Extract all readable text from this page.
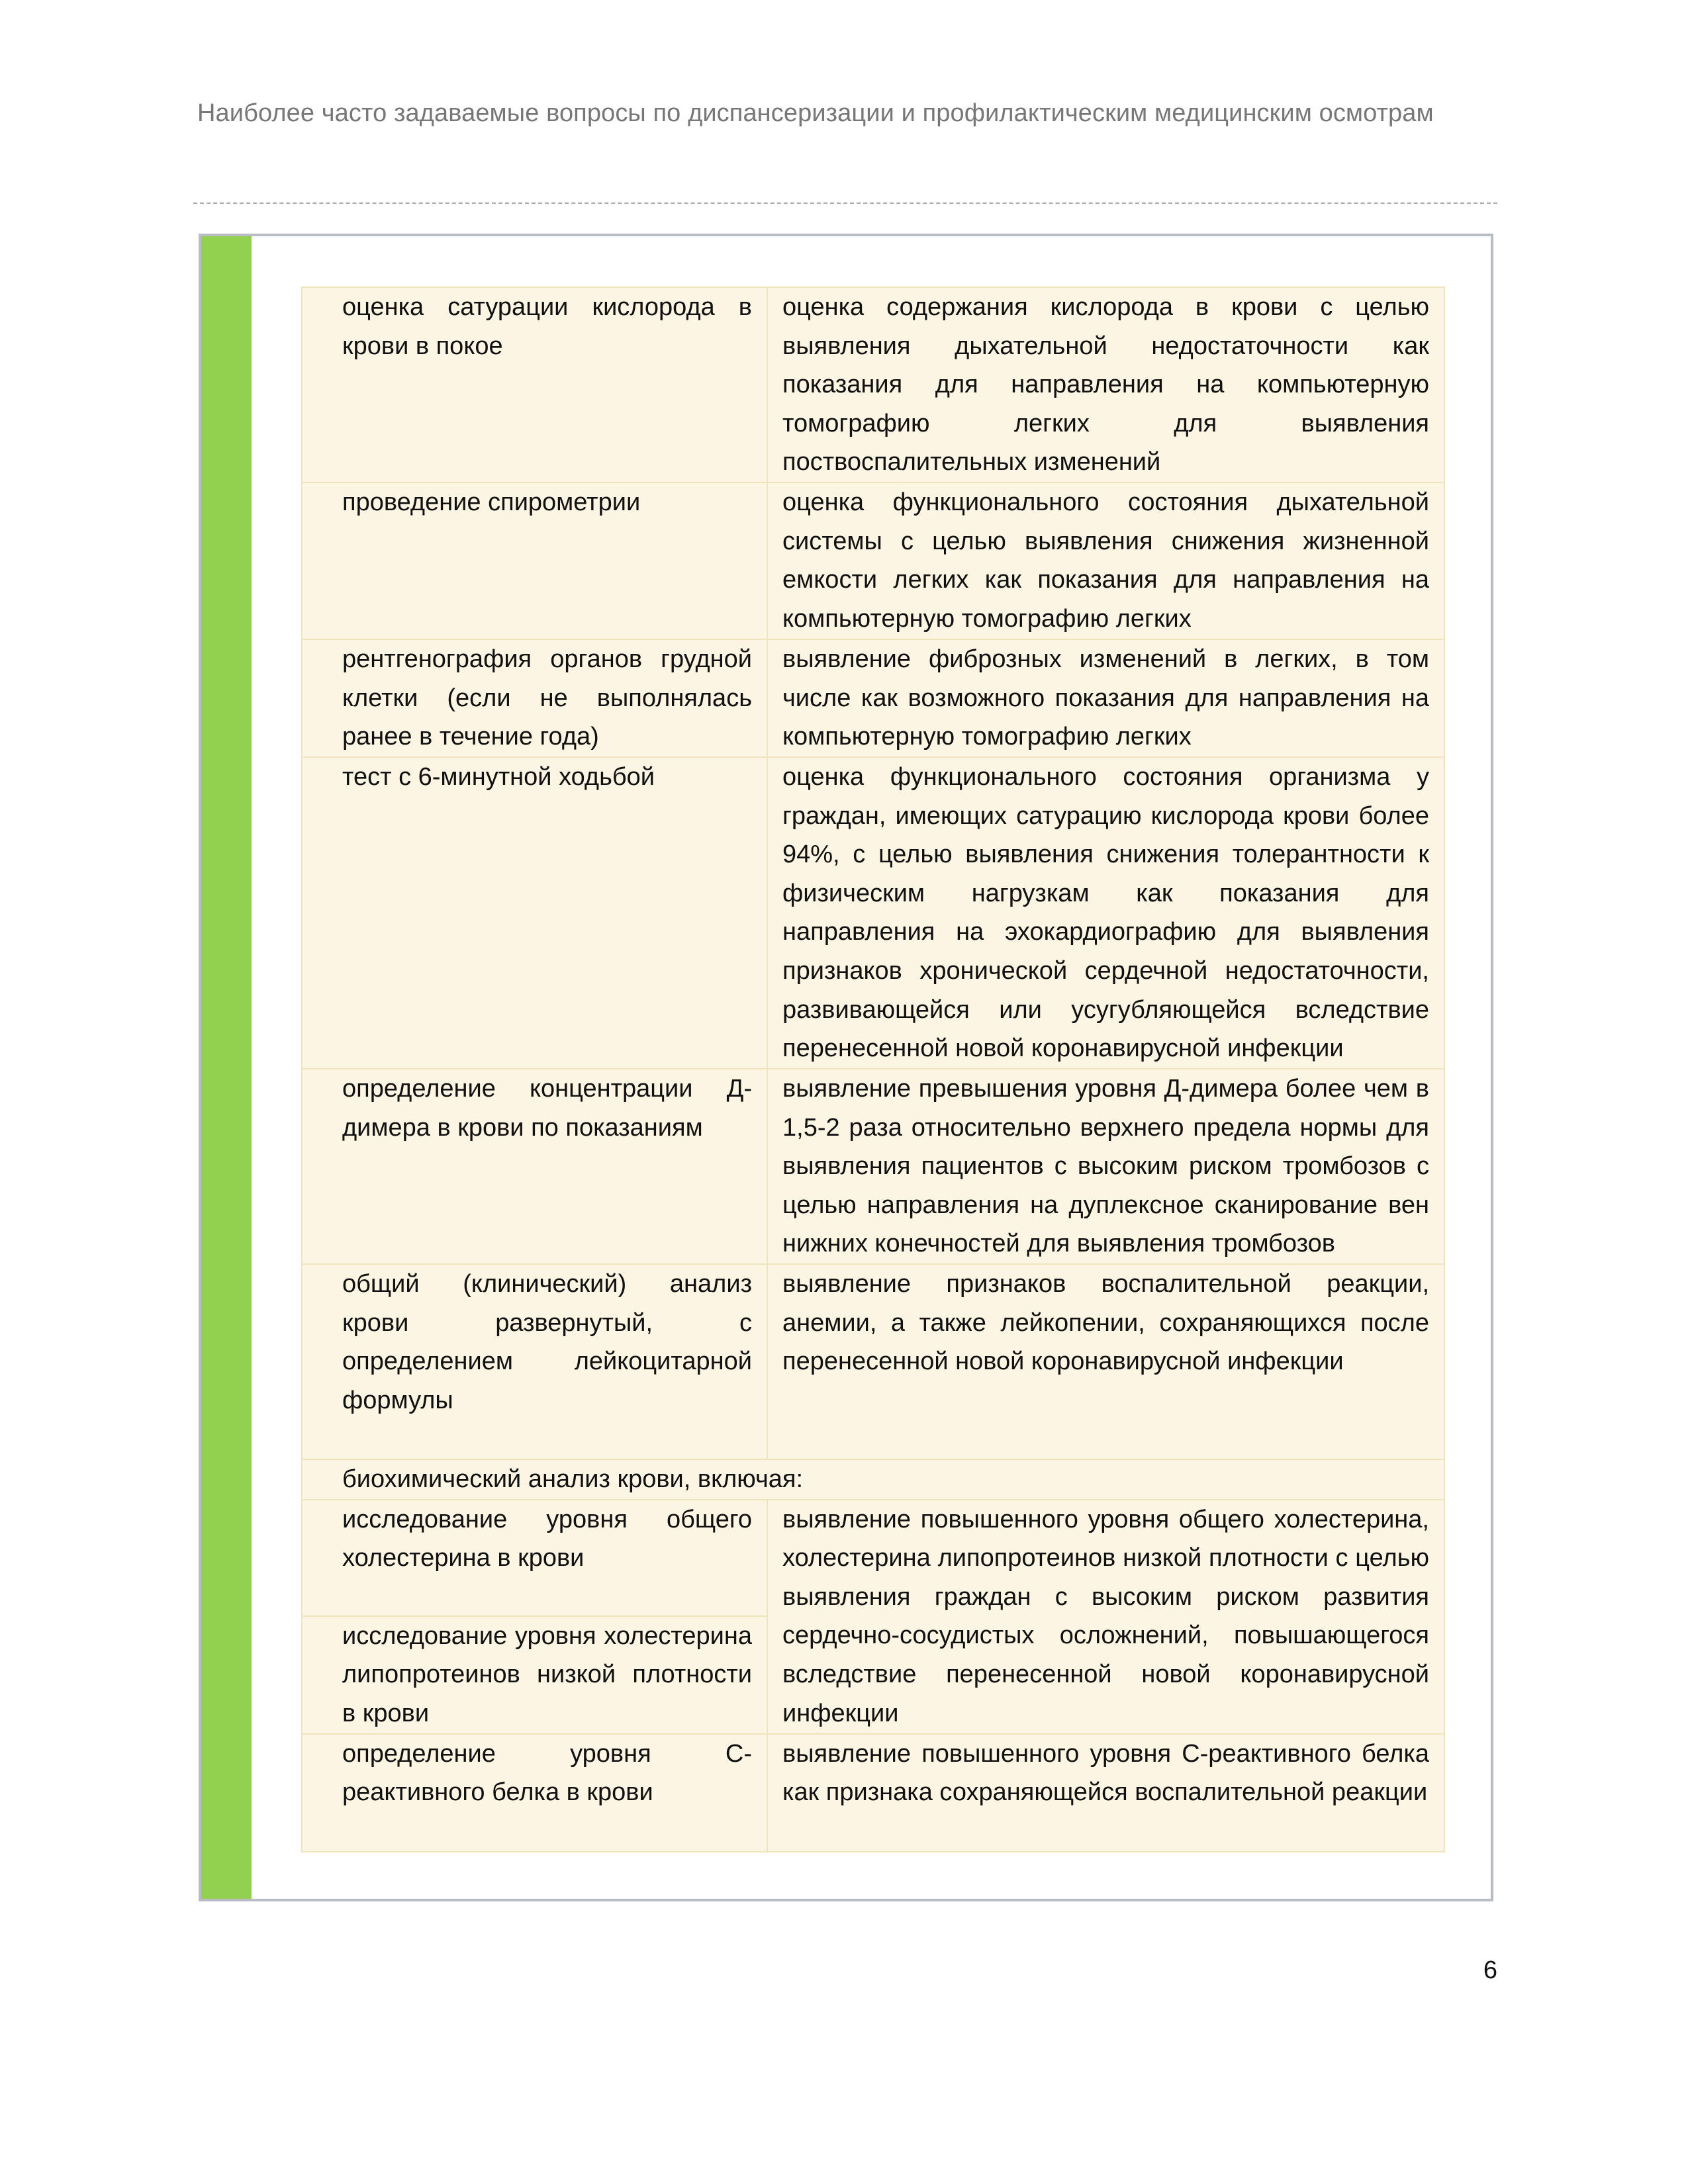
Наиболее часто задаваемые вопросы по диспансеризации и профилактическим медицинским осмотрам
оценка сатурации кислорода в крови в покое	оценка содержания кислорода в крови с целью выявления дыхательной недостаточности как показания для направления на компьютерную томографию легких для выявления поствоспалительных изменений
проведение спирометрии	оценка функционального состояния дыхательной системы с целью выявления снижения жизненной емкости легких как показания для направления на компьютерную томографию легких
рентгенография органов грудной клетки (если не выполнялась ранее в течение года)	выявление фиброзных изменений в легких, в том числе как возможного показания для направления на компьютерную томографию легких
тест с 6-минутной ходьбой	оценка функционального состояния организма у граждан, имеющих сатурацию кислорода крови более 94%, с целью выявления снижения толерантности к физическим нагрузкам как показания для направления на эхокардиографию для выявления признаков хронической сердечной недостаточности, развивающейся или усугубляющейся вследствие перенесенной новой коронавирусной инфекции
определение концентрации Д-димера в крови по показаниям	выявление превышения уровня Д-димера более чем в 1,5-2 раза относительно верхнего предела нормы для выявления пациентов с высоким риском тромбозов с целью направления на дуплексное сканирование вен нижних конечностей для выявления тромбозов
общий (клинический) анализ крови развернутый, с определением лейкоцитарной формулы	выявление признаков воспалительной реакции, анемии, а также лейкопении, сохраняющихся после перенесенной новой коронавирусной инфекции
биохимический анализ крови, включая:	
исследование уровня общего холестерина в крови	выявление повышенного уровня общего холестерина, холестерина липопротеинов низкой плотности с целью выявления граждан с высоким риском развития сердечно-сосудистых осложнений, повышающегося вследствие перенесенной новой коронавирусной инфекции
исследование уровня холестерина липопротеинов низкой плотности в крови	
определение уровня С-реактивного белка в крови	выявление повышенного уровня С-реактивного белка как признака сохраняющейся воспалительной реакции
6
